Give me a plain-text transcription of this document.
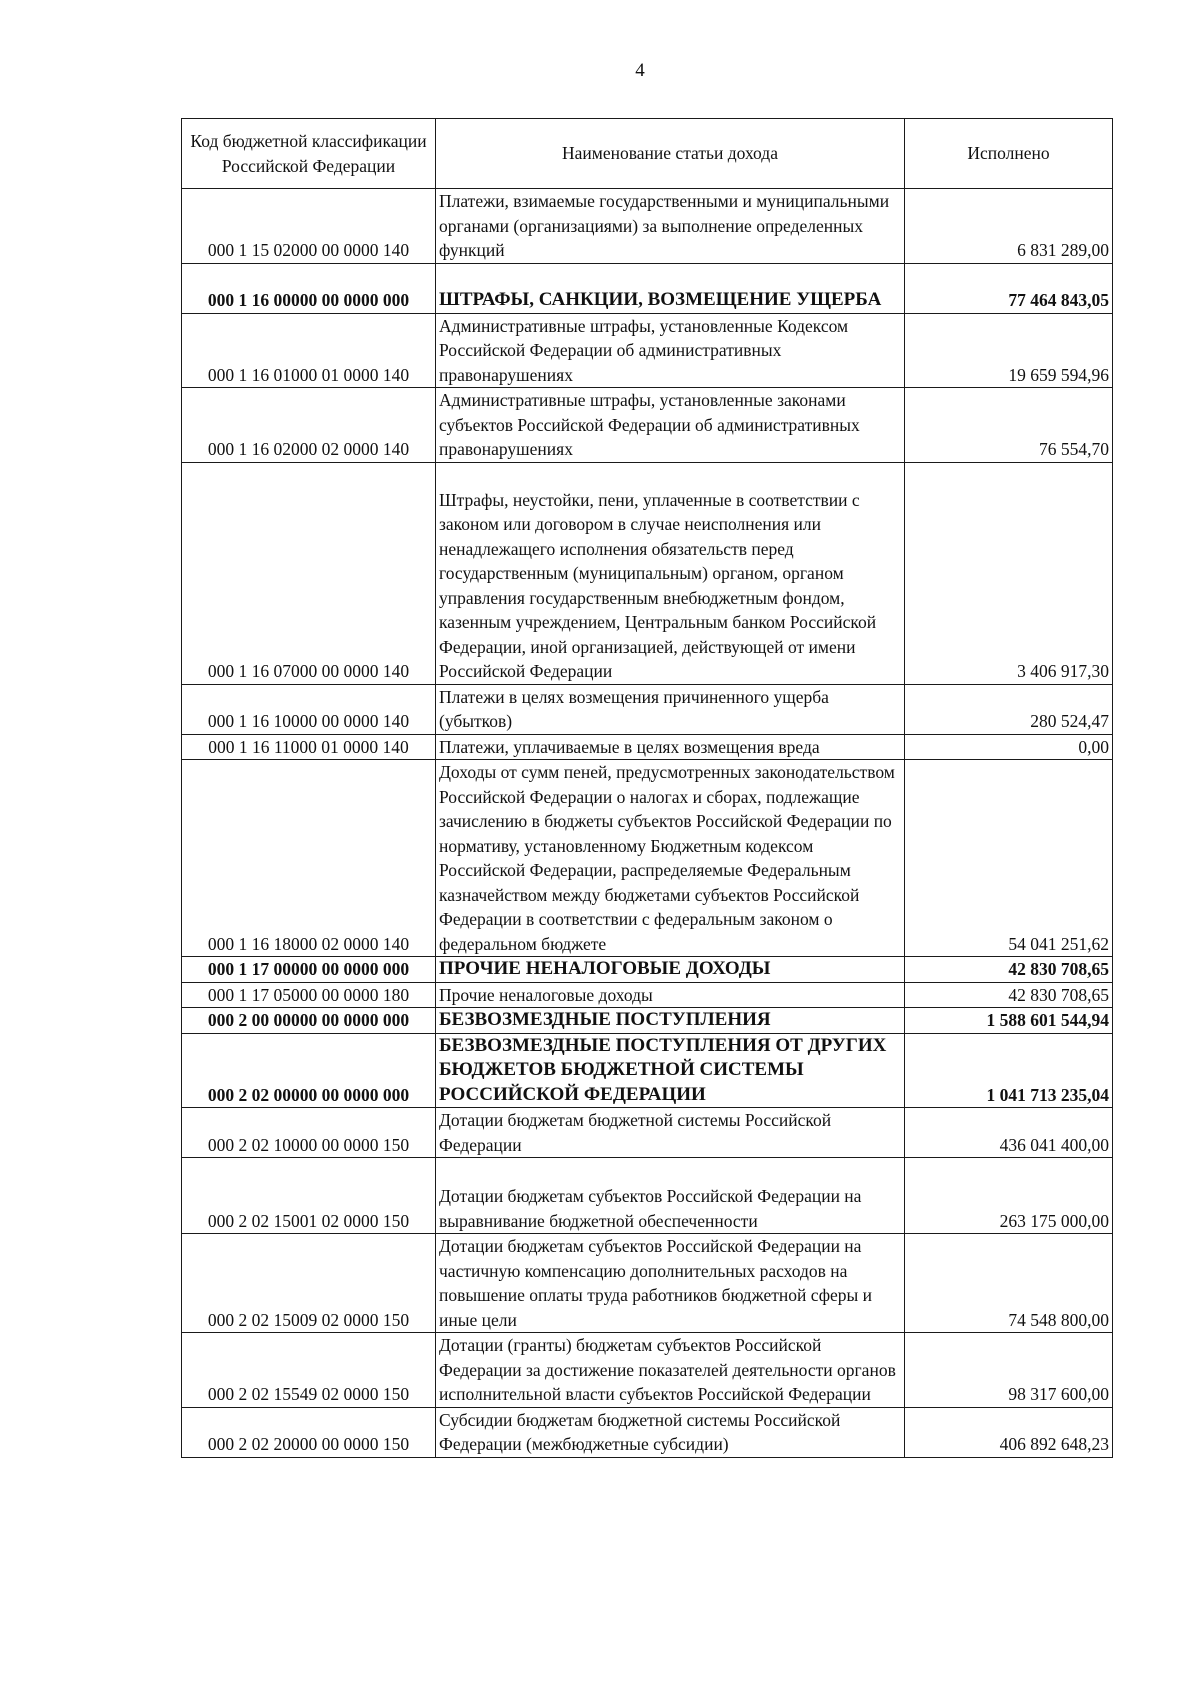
4
Код бюджетной классификации Российской Федерации	Наименование статьи дохода	Исполнено
000 1 15 02000 00 0000 140	Платежи, взимаемые государственными и муниципальными органами (организациями) за выполнение определенных функций	6 831 289,00
000 1 16 00000 00 0000 000	ШТРАФЫ, САНКЦИИ, ВОЗМЕЩЕНИЕ УЩЕРБА	77 464 843,05
000 1 16 01000 01 0000 140	Административные штрафы, установленные Кодексом Российской Федерации об административных правонарушениях	19 659 594,96
000 1 16 02000 02 0000 140	Административные штрафы, установленные законами субъектов Российской Федерации об административных правонарушениях	76 554,70
000 1 16 07000 00 0000 140	Штрафы, неустойки, пени, уплаченные в соответствии с законом или договором в случае неисполнения или ненадлежащего исполнения обязательств перед государственным (муниципальным) органом, органом управления государственным внебюджетным фондом, казенным учреждением, Центральным банком Российской Федерации, иной организацией, действующей от имени Российской Федерации	3 406 917,30
000 1 16 10000 00 0000 140	Платежи в целях возмещения причиненного ущерба (убытков)	280 524,47
000 1 16 11000 01 0000 140	Платежи, уплачиваемые в целях возмещения вреда	0,00
000 1 16 18000 02 0000 140	Доходы от сумм пеней, предусмотренных законодательством Российской Федерации о налогах и сборах, подлежащие зачислению в бюджеты субъектов Российской Федерации по нормативу, установленному Бюджетным кодексом Российской Федерации, распределяемые Федеральным казначейством между бюджетами субъектов Российской Федерации в соответствии с федеральным законом о федеральном бюджете	54 041 251,62
000 1 17 00000 00 0000 000	ПРОЧИЕ НЕНАЛОГОВЫЕ ДОХОДЫ	42 830 708,65
000 1 17 05000 00 0000 180	Прочие неналоговые доходы	42 830 708,65
000 2 00 00000 00 0000 000	БЕЗВОЗМЕЗДНЫЕ ПОСТУПЛЕНИЯ	1 588 601 544,94
000 2 02 00000 00 0000 000	БЕЗВОЗМЕЗДНЫЕ ПОСТУПЛЕНИЯ ОТ ДРУГИХ БЮДЖЕТОВ БЮДЖЕТНОЙ СИСТЕМЫ РОССИЙСКОЙ ФЕДЕРАЦИИ	1 041 713 235,04
000 2 02 10000 00 0000 150	Дотации бюджетам бюджетной системы Российской Федерации	436 041 400,00
000 2 02 15001 02 0000 150	Дотации бюджетам субъектов Российской Федерации на выравнивание бюджетной обеспеченности	263 175 000,00
000 2 02 15009 02 0000 150	Дотации бюджетам субъектов Российской Федерации на частичную компенсацию дополнительных расходов на повышение оплаты труда работников бюджетной сферы и иные цели	74 548 800,00
000 2 02 15549 02 0000 150	Дотации (гранты) бюджетам субъектов Российской Федерации за достижение показателей деятельности органов исполнительной власти субъектов Российской Федерации	98 317 600,00
000 2 02 20000 00 0000 150	Субсидии бюджетам бюджетной системы Российской Федерации (межбюджетные субсидии)	406 892 648,23
